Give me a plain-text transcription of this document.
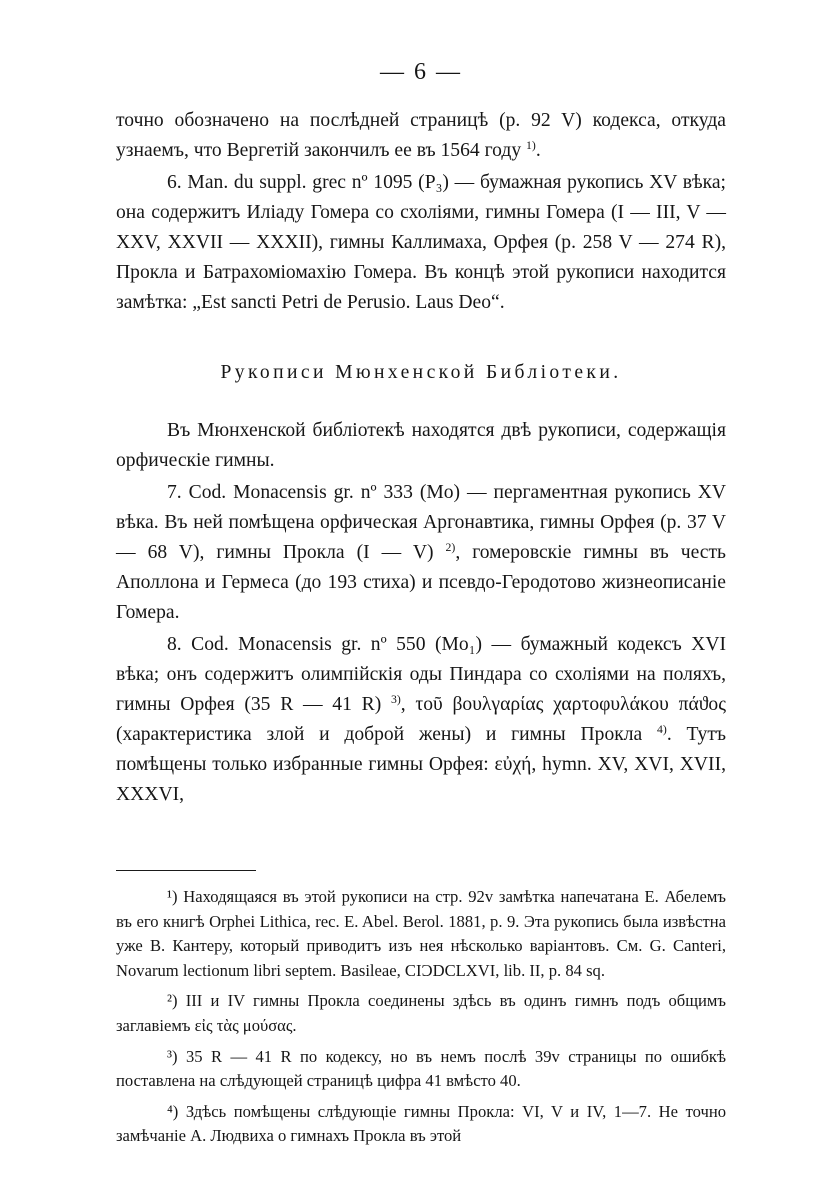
— 6 —

точно обозначено на послѣдней страницѣ (p. 92 V) кодекса, откуда узнаемъ, что Вергетій закончилъ ее въ 1564 году $^{1)}$.

6. Man. du suppl. grec nº 1095 (P₃) — бумажная рукопись XV вѣка; она содержитъ Иліаду Гомера со схоліями, гимны Гомера (I — III, V — XXV, XXVII — XXXII), гимны Каллимаха, Орфея (p. 258 V — 274 R), Прокла и Батрахоміомахію Гомера. Въ концѣ этой рукописи находится замѣтка: „Est sancti Petri de Perusio. Laus Deo“.

Рукописи Мюнхенской Библіотеки.

Въ Мюнхенской библіотекѣ находятся двѣ рукописи, содержащія орфическіе гимны.

7. Cod. Monacensis gr. nº 333 (Mo) — пергаментная рукопись XV вѣка. Въ ней помѣщена орфическая Аргонавтика, гимны Орфея (p. 37 V — 68 V), гимны Прокла (I — V) $^{2)}$, гомеровскіе гимны въ честь Аполлона и Гермеса (до 193 стиха) и псевдо-Геродотово жизнеописаніе Гомера.

8. Cod. Monacensis gr. nº 550 (Mo₁) — бумажный кодексъ XVI вѣка; онъ содержитъ олимпійскія оды Пиндара со схоліями на поляхъ, гимны Орфея (35 R — 41 R) $^{3)}$, τοῦ βουλγαρίας χαρτοφυλάκου πάϑος (характеристика злой и доброй жены) и гимны Прокла $^{4)}$. Тутъ помѣщены только избранные гимны Орфея: εὐχή, hymn. XV, XVI, XVII, XXXVI,

¹) Находящаяся въ этой рукописи на стр. 92v замѣтка напечатана E. Абелемъ въ его книгѣ Orphei Lithica, rec. E. Abel. Berol. 1881, p. 9. Эта рукопись была извѣстна уже B. Кантеру, который приводитъ изъ нея нѣсколько варіантовъ. См. G. Canteri, Novarum lectionum libri septem. Basileae, CIƆDCLXVI, lib. II, p. 84 sq.

²) III и IV гимны Прокла соединены здѣсь въ одинъ гимнъ подъ общимъ заглавіемъ εἰς τὰς μούσας.

³) 35 R — 41 R по кодексу, но въ немъ послѣ 39v страницы по ошибкѣ поставлена на слѣдующей страницѣ цифра 41 вмѣсто 40.

⁴) Здѣсь помѣщены слѣдующіе гимны Прокла: VI, V и IV, 1—7. Не точно замѣчаніе А. Людвиха о гимнахъ Прокла въ этой
